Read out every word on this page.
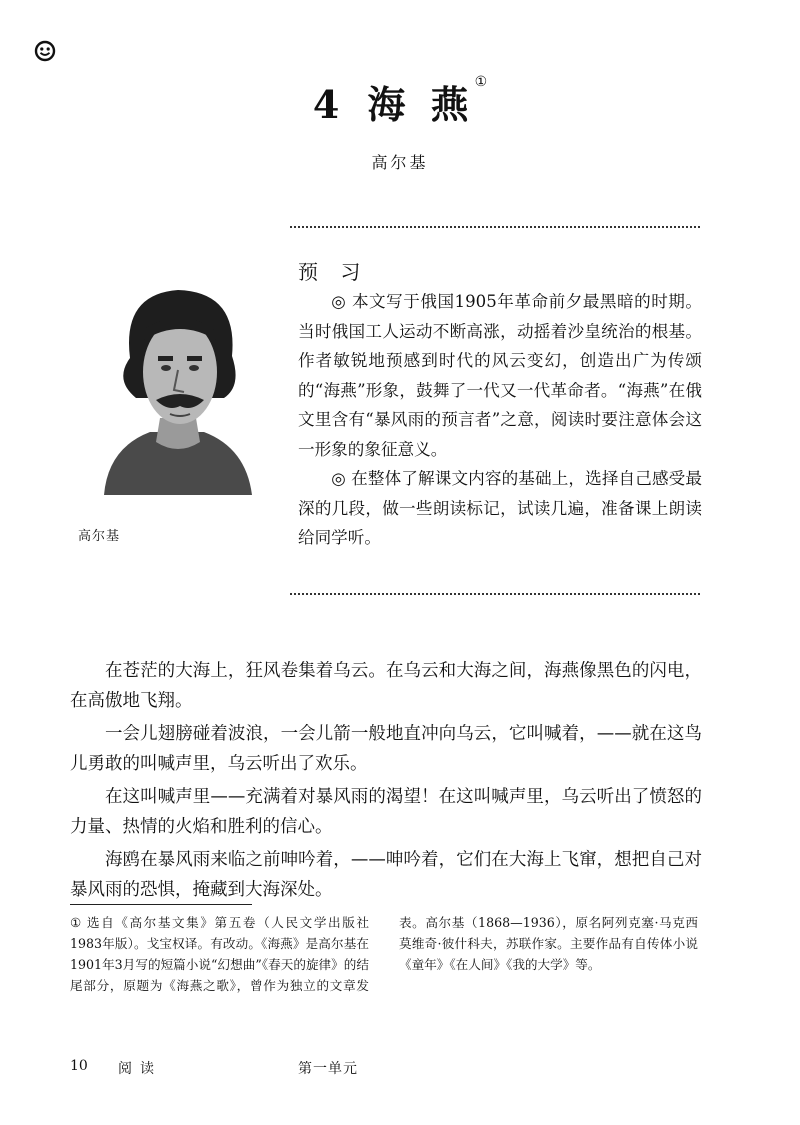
4 海 燕①
高尔基
高尔基
预 习

◎ 本文写于俄国1905年革命前夕最黑暗的时期。当时俄国工人运动不断高涨，动摇着沙皇统治的根基。作者敏锐地预感到时代的风云变幻，创造出广为传颂的“海燕”形象，鼓舞了一代又一代革命者。“海燕”在俄文里含有“暴风雨的预言者”之意，阅读时要注意体会这一形象的象征意义。

◎ 在整体了解课文内容的基础上，选择自己感受最深的几段，做一些朗读标记，试读几遍，准备课上朗读给同学听。

在苍茫的大海上，狂风卷集着乌云。在乌云和大海之间，海燕像黑色的闪电，在高傲地飞翔。

一会儿翅膀碰着波浪，一会儿箭一般地直冲向乌云，它叫喊着，——就在这鸟儿勇敢的叫喊声里，乌云听出了欢乐。

在这叫喊声里——充满着对暴风雨的渴望！在这叫喊声里，乌云听出了愤怒的力量、热情的火焰和胜利的信心。

海鸥在暴风雨来临之前呻吟着，——呻吟着，它们在大海上飞窜，想把自己对暴风雨的恐惧，掩藏到大海深处。

① 选自《高尔基文集》第五卷（人民文学出版社1983年版）。戈宝权译。有改动。《海燕》是高尔基在1901年3月写的短篇小说“幻想曲”《春天的旋律》的结尾部分，原题为《海燕之歌》，曾作为独立的文章发表。高尔基（1868—1936），原名阿列克塞·马克西莫维奇·彼什科夫，苏联作家。主要作品有自传体小说《童年》《在人间》《我的大学》等。
10 阅读	第一单元
